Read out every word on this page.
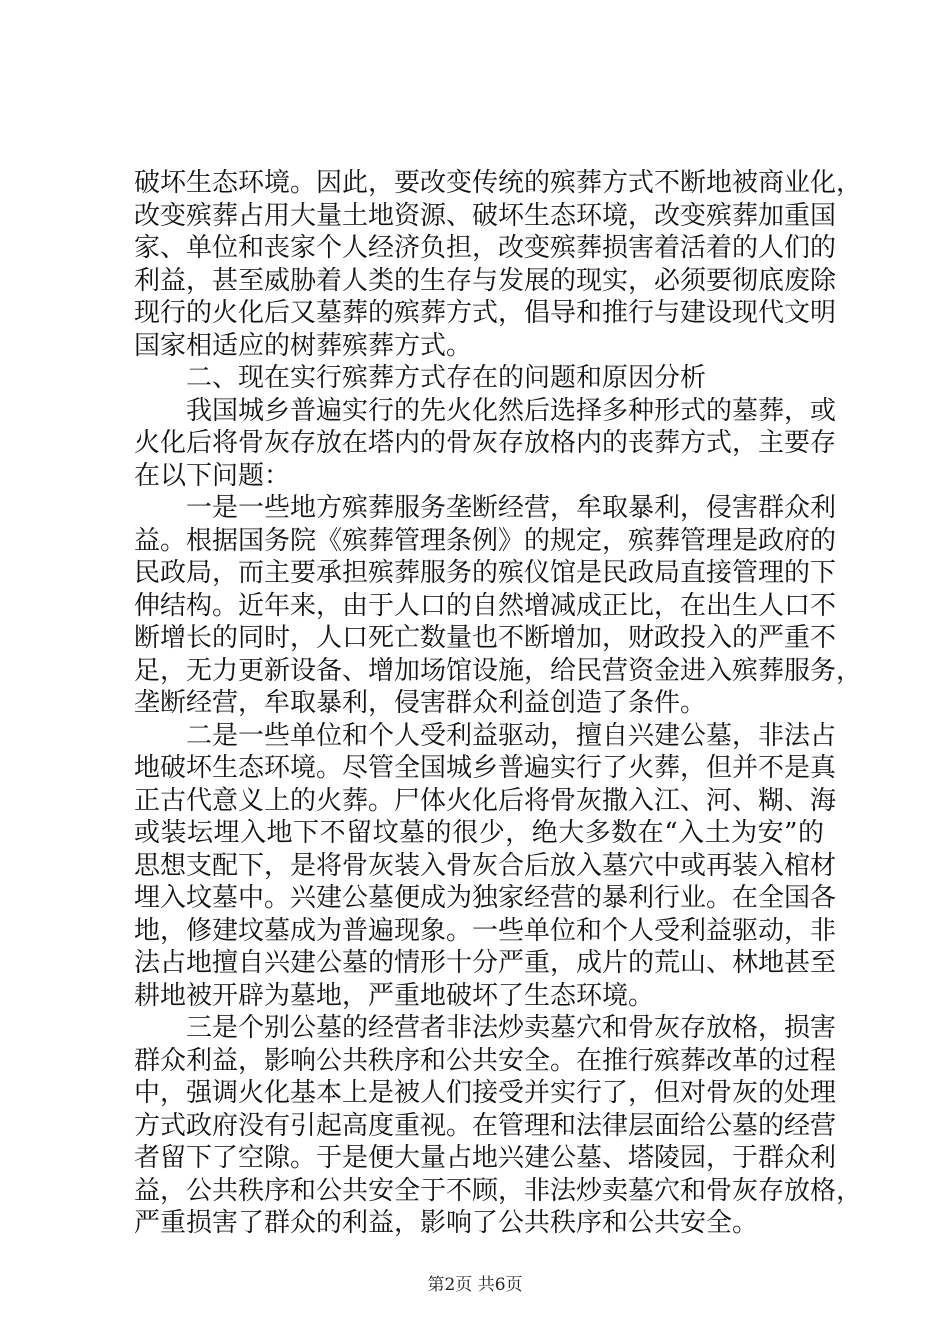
破坏生态环境。因此，要改变传统的殡葬方式不断地被商业化，
改变殡葬占用大量土地资源、破坏生态环境，改变殡葬加重国
家、单位和丧家个人经济负担，改变殡葬损害着活着的人们的
利益，甚至威胁着人类的生存与发展的现实，必须要彻底废除
现行的火化后又墓葬的殡葬方式，倡导和推行与建设现代文明
国家相适应的树葬殡葬方式。
二、现在实行殡葬方式存在的问题和原因分析
我国城乡普遍实行的先火化然后选择多种形式的墓葬，或
火化后将骨灰存放在塔内的骨灰存放格内的丧葬方式，主要存
在以下问题：
一是一些地方殡葬服务垄断经营，牟取暴利，侵害群众利
益。根据国务院《殡葬管理条例》的规定，殡葬管理是政府的
民政局，而主要承担殡葬服务的殡仪馆是民政局直接管理的下
伸结构。近年来，由于人口的自然增减成正比，在出生人口不
断增长的同时，人口死亡数量也不断增加，财政投入的严重不
足，无力更新设备、增加场馆设施，给民营资金进入殡葬服务，
垄断经营，牟取暴利，侵害群众利益创造了条件。
二是一些单位和个人受利益驱动，擅自兴建公墓，非法占
地破坏生态环境。尽管全国城乡普遍实行了火葬，但并不是真
正古代意义上的火葬。尸体火化后将骨灰撒入江、河、糊、海
或装坛埋入地下不留坟墓的很少，绝大多数在“入土为安”的
思想支配下，是将骨灰装入骨灰合后放入墓穴中或再装入棺材
埋入坟墓中。兴建公墓便成为独家经营的暴利行业。在全国各
地，修建坟墓成为普遍现象。一些单位和个人受利益驱动，非
法占地擅自兴建公墓的情形十分严重，成片的荒山、林地甚至
耕地被开辟为墓地，严重地破坏了生态环境。
三是个别公墓的经营者非法炒卖墓穴和骨灰存放格，损害
群众利益，影响公共秩序和公共安全。在推行殡葬改革的过程
中，强调火化基本上是被人们接受并实行了，但对骨灰的处理
方式政府没有引起高度重视。在管理和法律层面给公墓的经营
者留下了空隙。于是便大量占地兴建公墓、塔陵园，于群众利
益，公共秩序和公共安全于不顾，非法炒卖墓穴和骨灰存放格，
严重损害了群众的利益，影响了公共秩序和公共安全。
第2页 共6页
